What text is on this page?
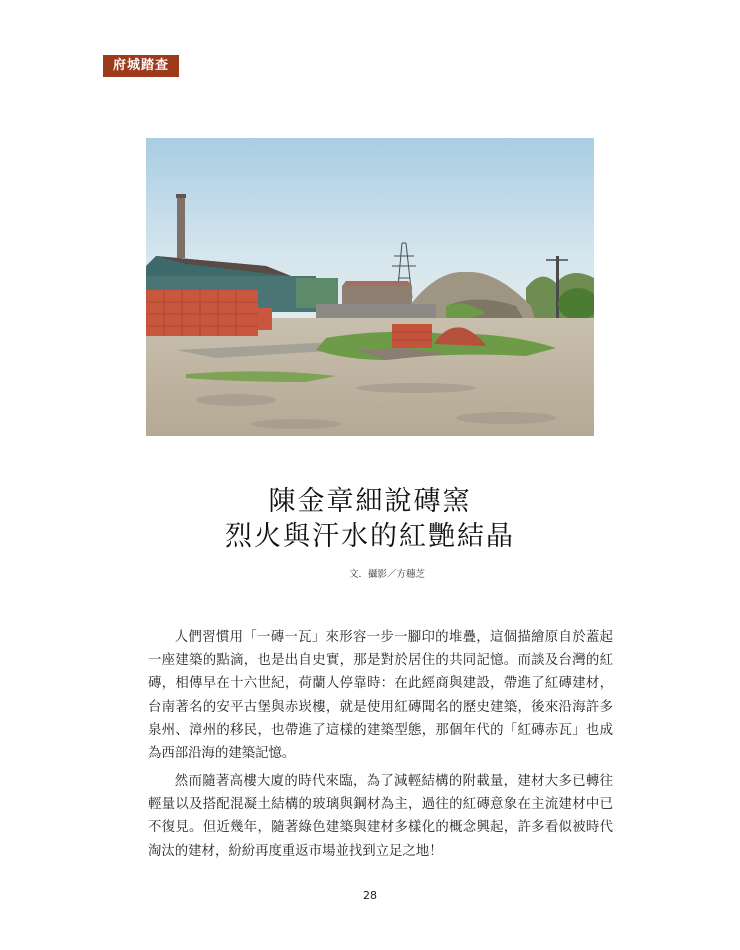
府城踏查
陳金章細說磚窯
烈火與汗水的紅艷結晶
文．攝影／方穗芝

人們習慣用「一磚一瓦」來形容一步一腳印的堆疊，這個描繪原自於蓋起一座建築的點滴，也是出自史實，那是對於居住的共同記憶。而談及台灣的紅磚，相傳早在十六世紀，荷蘭人停靠時：在此經商與建設，帶進了紅磚建材，台南著名的安平古堡與赤崁樓，就是使用紅磚聞名的歷史建築，後來沿海許多泉州、漳州的移民，也帶進了這樣的建築型態，那個年代的「紅磚赤瓦」也成為西部沿海的建築記憶。

然而隨著高樓大廈的時代來臨，為了減輕結構的附載量，建材大多已轉往輕量以及搭配混凝土結構的玻璃與鋼材為主，過往的紅磚意象在主流建材中已不復見。但近幾年，隨著綠色建築與建材多樣化的概念興起，許多看似被時代淘汰的建材，紛紛再度重返市場並找到立足之地！

28
